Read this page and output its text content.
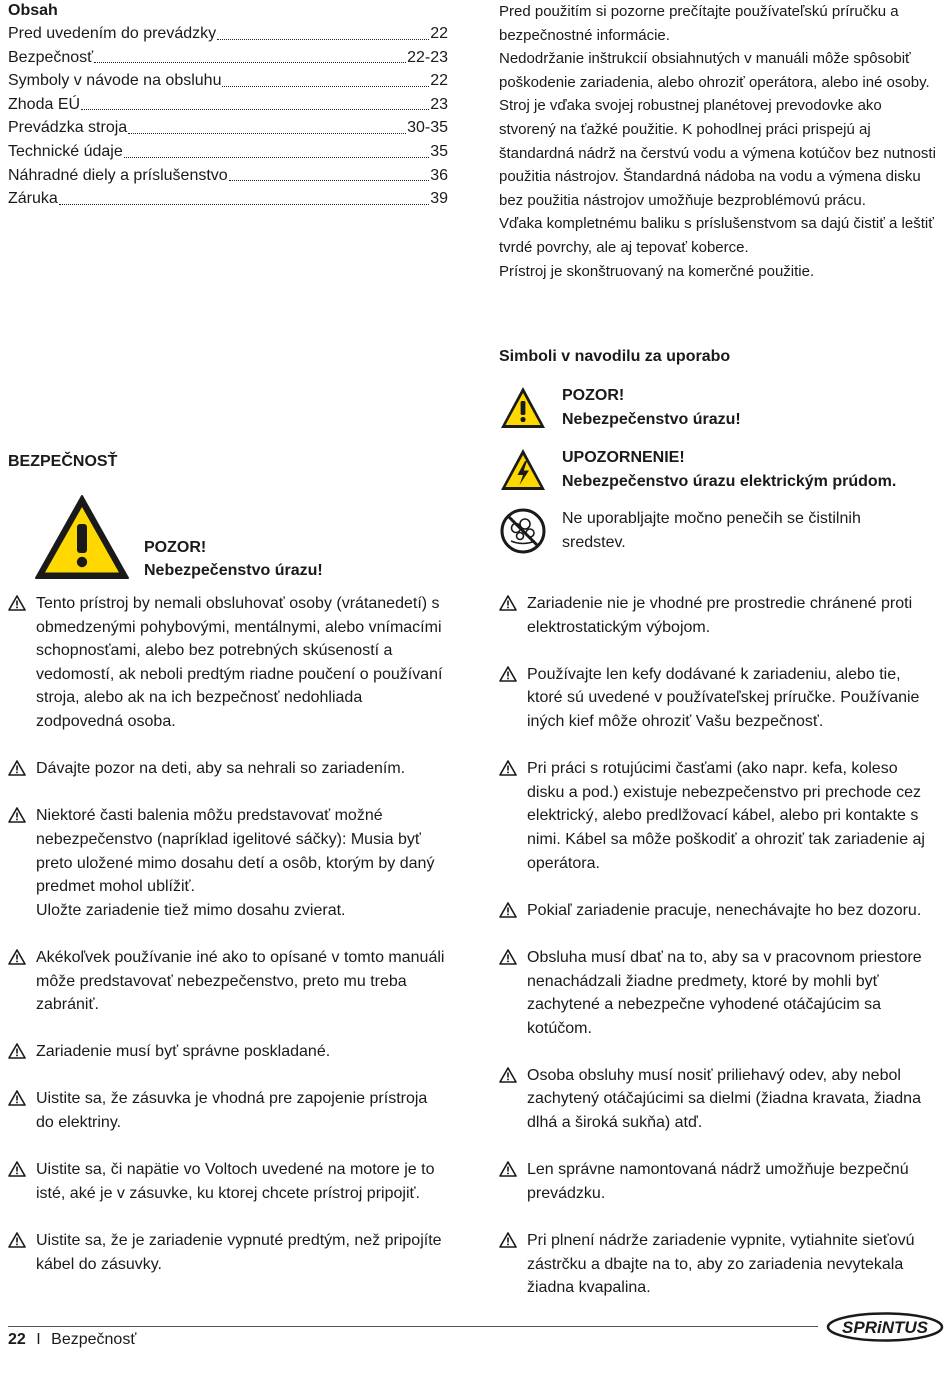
Obsah
Pred uvedením do prevádzky	22
Bezpečnosť	22-23
Symboly v návode na obsluhu	22
Zhoda EÚ	23
Prevádzka stroja	30-35
Technické údaje	35
Náhradné diely a príslušenstvo	36
Záruka	39

Pred použitím si pozorne prečítajte používateľskú príručku a bezpečnostné informácie.

Nedodržanie inštrukcií obsiahnutých v manuáli môže spôsobiť poškodenie zariadenia, alebo ohroziť operátora, alebo iné osoby. Stroj je vďaka svojej robustnej planétovej prevodovke ako stvorený na ťažké použitie. K pohodlnej práci prispejú aj štandardná nádrž na čerstvú vodu a výmena kotúčov bez nutnosti použitia nástrojov. Štandardná nádoba na vodu a výmena disku bez použitia nástrojov umožňuje bezproblémovú prácu.

Vďaka kompletnému baliku s príslušenstvom sa dajú čistiť a leštiť tvrdé povrchy, ale aj tepovať koberce.

Prístroj je skonštruovaný na komerčné použitie.

Simboli v navodilu za uporabo
POZOR!
Nebezpečenstvo úrazu!
UPOZORNENIE!
Nebezpečenstvo úrazu elektrickým prúdom.
Ne uporabljajte močno penečih se čistilnih
sredstev.
BEZPEČNOSŤ
POZOR!
Nebezpečenstvo úrazu!
Tento prístroj by nemali obsluhovať osoby (vrátanedetí) s obmedzenými pohybovými, mentálnymi, alebo vnímacími schopnosťami, alebo bez potrebných skúseností a vedomostí, ak neboli predtým riadne poučení o používaní stroja, alebo ak na ich bezpečnosť nedohliada zodpovedná osoba.
Dávajte pozor na deti, aby sa nehrali so zariadením.
Niektoré časti balenia môžu predstavovať možné nebezpečenstvo (napríklad igelitové sáčky): Musia byť preto uložené mimo dosahu detí a osôb, ktorým by daný predmet mohol ublížiť.
Uložte zariadenie tiež mimo dosahu zvierat.
Akékoľvek používanie iné ako to opísané v tomto manuáli môže predstavovať nebezpečenstvo, preto mu treba zabrániť.
Zariadenie musí byť správne poskladané.
Uistite sa, že zásuvka je vhodná pre zapojenie prístroja do elektriny.
Uistite sa, či napätie vo Voltoch uvedené na motore je to isté, aké je v zásuvke, ku ktorej chcete prístroj pripojiť.
Uistite sa, že je zariadenie vypnuté predtým, než pripojíte kábel do zásuvky.
Zariadenie nie je vhodné pre prostredie chránené proti elektrostatickým výbojom.
Používajte len kefy dodávané k zariadeniu, alebo tie, ktoré sú uvedené v používateľskej príručke. Používanie iných kief môže ohroziť Vašu bezpečnosť.
Pri práci s rotujúcimi časťami (ako napr. kefa, koleso disku a pod.) existuje nebezpečenstvo pri prechode cez elektrický, alebo predlžovací kábel, alebo pri kontakte s nimi. Kábel sa môže poškodiť a ohroziť tak zariadenie aj operátora.
Pokiaľ zariadenie pracuje, nenechávajte ho bez dozoru.
Obsluha musí dbať na to, aby sa v pracovnom priestore nenachádzali žiadne predmety, ktoré by mohli byť zachytené a nebezpečne vyhodené otáčajúcim sa kotúčom.
Osoba obsluhy musí nosiť priliehavý odev, aby nebol zachytený otáčajúcimi sa dielmi (žiadna kravata, žiadna dlhá a široká sukňa) atď.
Len správne namontovaná nádrž umožňuje bezpečnú prevádzku.
Pri plnení nádrže zariadenie vypnite, vytiahnite sieťovú zástrčku a dbajte na to, aby zo zariadenia nevytekala žiadna kvapalina.
22 I Bezpečnosť
SPRiNTUS
